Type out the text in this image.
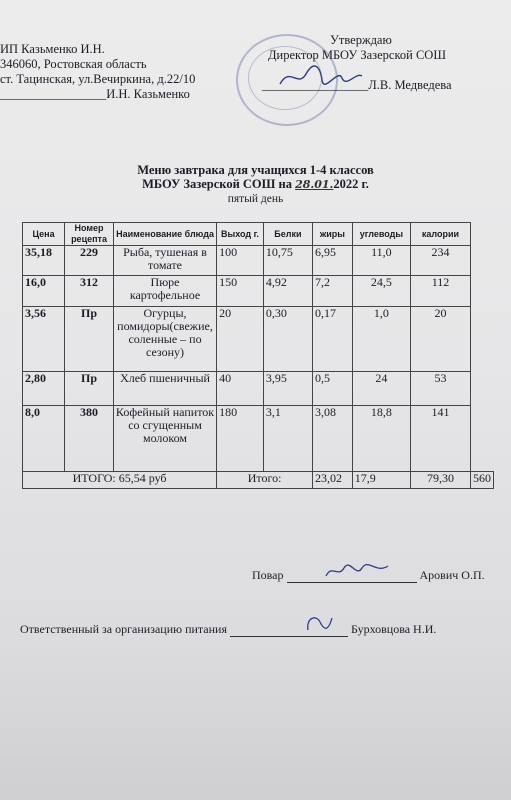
ИП Казьменко И.Н.
346060, Ростовская область
ст. Тацинская, ул.Вечиркина, д.22/10
_________________И.Н. Казьменко
Утверждаю
Директор МБОУ Зазерской СОШ
_________________Л.В. Медведева
Меню завтрака для учащихся 1-4 классов
МБОУ Зазерской СОШ на 28.01.2022 г.
пятый день
Цена	Номер рецепта	Наименование блюда	Выход г.	Белки	жиры	углеводы	калории	
35,18	229	Рыба, тушеная в томате	100	10,75	6,95	11,0	234	
16,0	312	Пюре картофельное	150	4,92	7,2	24,5	112	
3,56	Пр	Огурцы, помидоры(свежие, соленные – по сезону)	20	0,30	0,17	1,0	20	
2,80	Пр	Хлеб пшеничный	40	3,95	0,5	24	53	
8,0	380	Кофейный напиток со сгущенным молоком	180	3,1	3,08	18,8	141	
ИТОГО: 65,54 руб			Итого:		23,02	17,9	79,30	560
Повар	Арович О.П.
Ответственный за организацию питания	Бурховцова Н.И.
